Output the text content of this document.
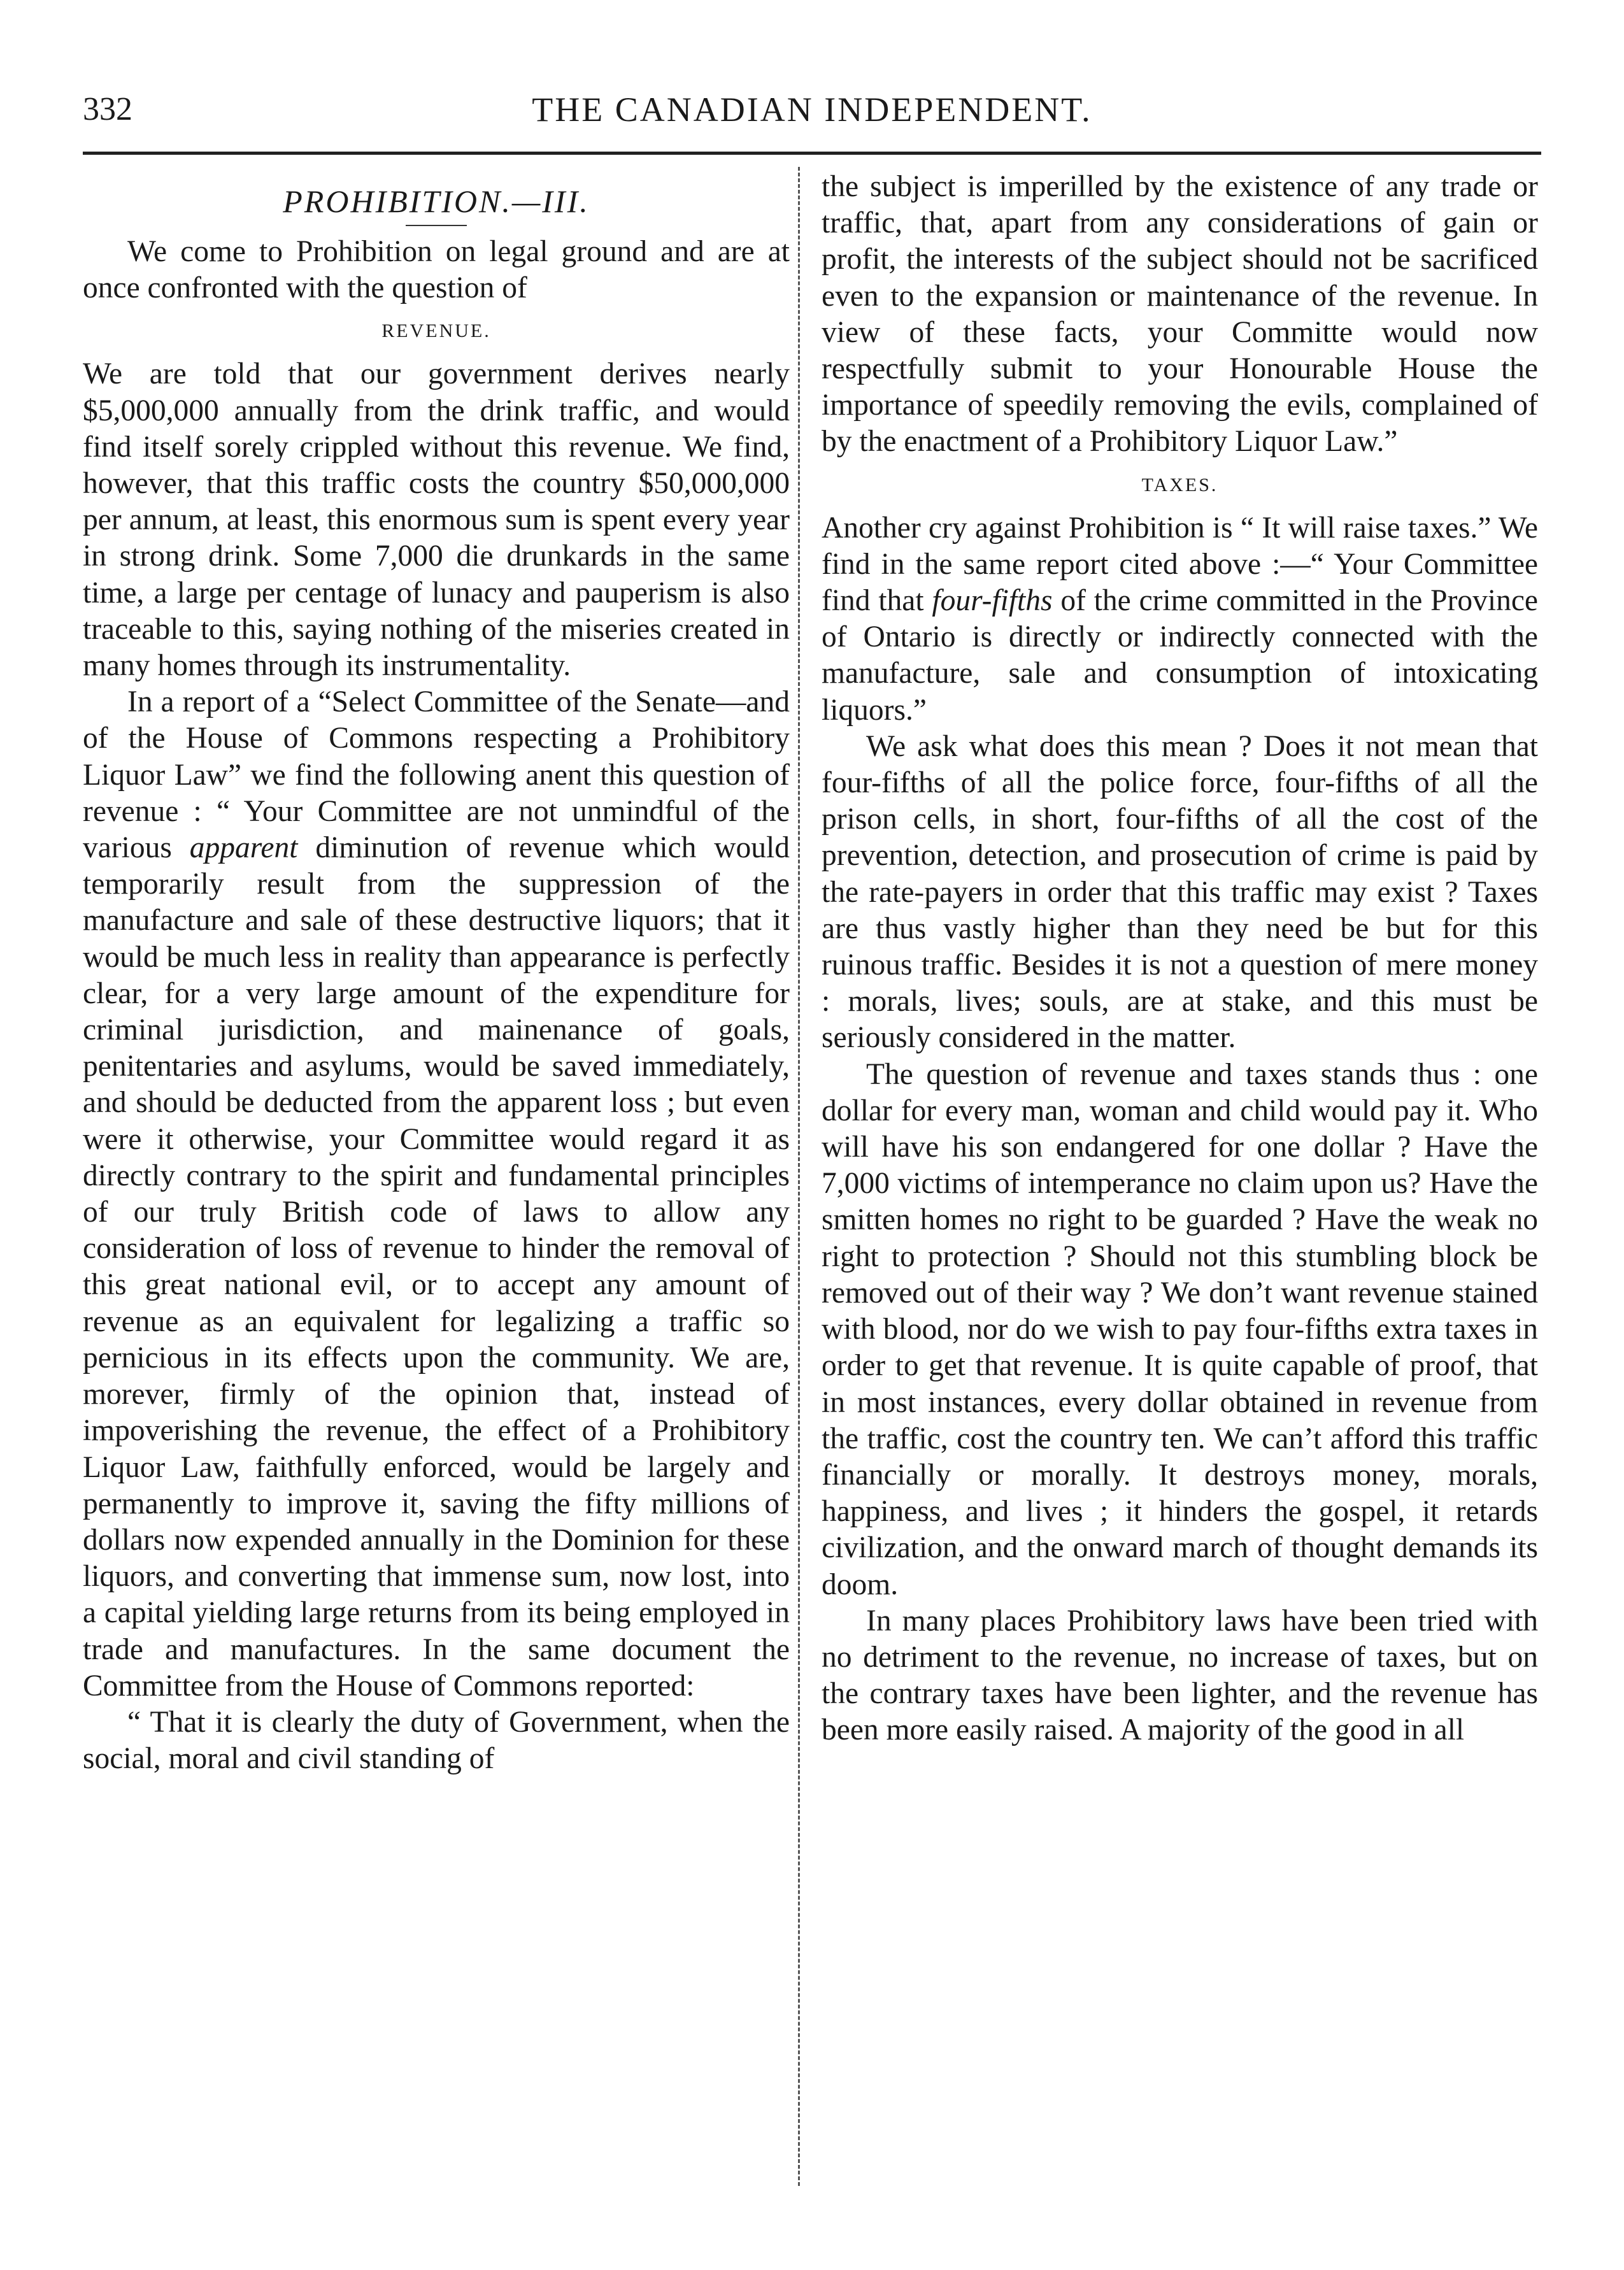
332	THE CANADIAN INDEPENDENT.
PROHIBITION.—III.

We come to Prohibition on legal ground and are at once confronted with the question of

REVENUE.

We are told that our government derives nearly $5,000,000 annually from the drink traffic, and would find itself sorely crippled without this revenue. We find, however, that this traffic costs the country $50,000,000 per annum, at least, this enormous sum is spent every year in strong drink. Some 7,000 die drunkards in the same time, a large per centage of lunacy and pauperism is also traceable to this, saying nothing of the miseries created in many homes through its instrumentality.

In a report of a “Select Committee of the Senate—and of the House of Commons respecting a Prohibitory Liquor Law” we find the following anent this question of revenue : “ Your Committee are not unmindful of the various apparent diminution of revenue which would temporarily result from the suppression of the manufacture and sale of these destructive liquors; that it would be much less in reality than appearance is perfectly clear, for a very large amount of the expenditure for criminal jurisdiction, and mainenance of goals, penitentaries and asylums, would be saved immediately, and should be deducted from the apparent loss ; but even were it otherwise, your Committee would regard it as directly contrary to the spirit and fundamental principles of our truly British code of laws to allow any consideration of loss of revenue to hinder the removal of this great national evil, or to accept any amount of revenue as an equivalent for legalizing a traffic so pernicious in its effects upon the community. We are, morever, firmly of the opinion that, instead of impoverishing the revenue, the effect of a Prohibitory Liquor Law, faithfully enforced, would be largely and permanently to improve it, saving the fifty millions of dollars now expended annually in the Dominion for these liquors, and converting that immense sum, now lost, into a capital yielding large returns from its being employed in trade and manufactures. In the same document the Committee from the House of Commons reported:

“ That it is clearly the duty of Government, when the social, moral and civil standing of

the subject is imperilled by the existence of any trade or traffic, that, apart from any considerations of gain or profit, the interests of the subject should not be sacrificed even to the expansion or maintenance of the revenue. In view of these facts, your Committe would now respectfully submit to your Honourable House the importance of speedily removing the evils, complained of by the enactment of a Prohibitory Liquor Law.”

TAXES.

Another cry against Prohibition is “ It will raise taxes.” We find in the same report cited above :—“ Your Committee find that four-fifths of the crime committed in the Province of Ontario is directly or indirectly connected with the manufacture, sale and consumption of intoxicating liquors.”

We ask what does this mean ? Does it not mean that four-fifths of all the police force, four-fifths of all the prison cells, in short, four-fifths of all the cost of the prevention, detection, and prosecution of crime is paid by the rate-payers in order that this traffic may exist ? Taxes are thus vastly higher than they need be but for this ruinous traffic. Besides it is not a question of mere money : morals, lives; souls, are at stake, and this must be seriously considered in the matter.

The question of revenue and taxes stands thus : one dollar for every man, woman and child would pay it. Who will have his son endangered for one dollar ? Have the 7,000 victims of intemperance no claim upon us? Have the smitten homes no right to be guarded ? Have the weak no right to protection ? Should not this stumbling block be removed out of their way ? We don’t want revenue stained with blood, nor do we wish to pay four-fifths extra taxes in order to get that revenue. It is quite capable of proof, that in most instances, every dollar obtained in revenue from the traffic, cost the country ten. We can’t afford this traffic financially or morally. It destroys money, morals, happiness, and lives ; it hinders the gospel, it retards civilization, and the onward march of thought demands its doom.

In many places Prohibitory laws have been tried with no detriment to the revenue, no increase of taxes, but on the contrary taxes have been lighter, and the revenue has been more easily raised. A majority of the good in all
